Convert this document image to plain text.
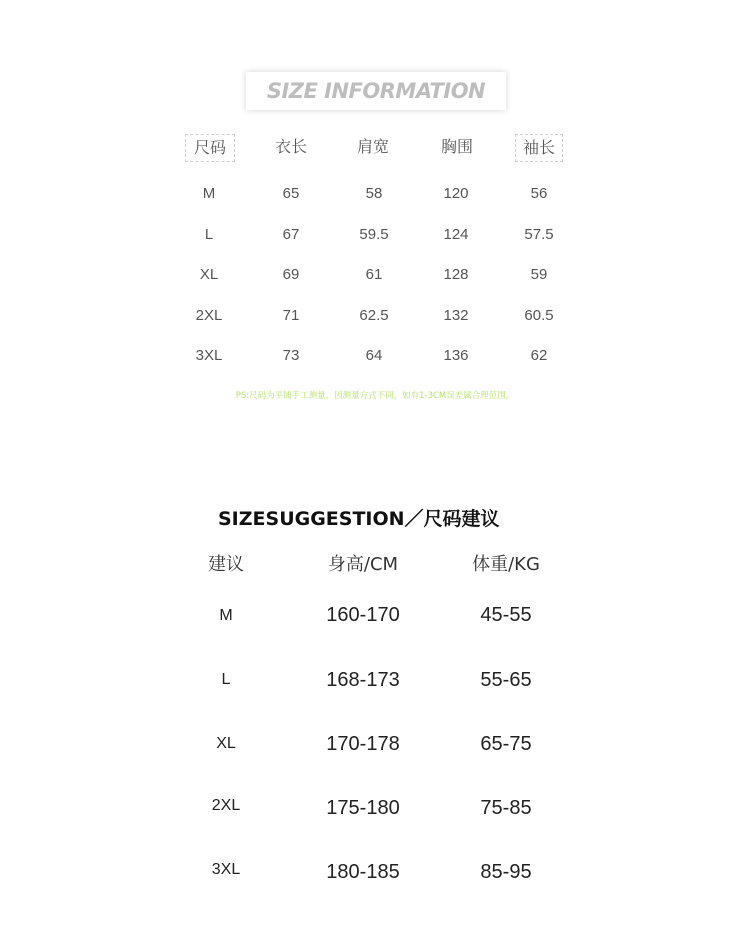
SIZE INFORMATION
尺码	衣长	肩宽	胸围	袖长
M	65	58	120	56
L	67	59.5	124	57.5
XL	69	61	128	59
2XL	71	62.5	132	60.5
3XL	73	64	136	62
PS:尺码为平铺手工测量，因测量方式不同，如有1-3CM误差属合理范围。
SIZESUGGESTION／尺码建议
建议	身高/CM	体重/KG
M	160-170	45-55
L	168-173	55-65
XL	170-178	65-75
2XL	175-180	75-85
3XL	180-185	85-95
